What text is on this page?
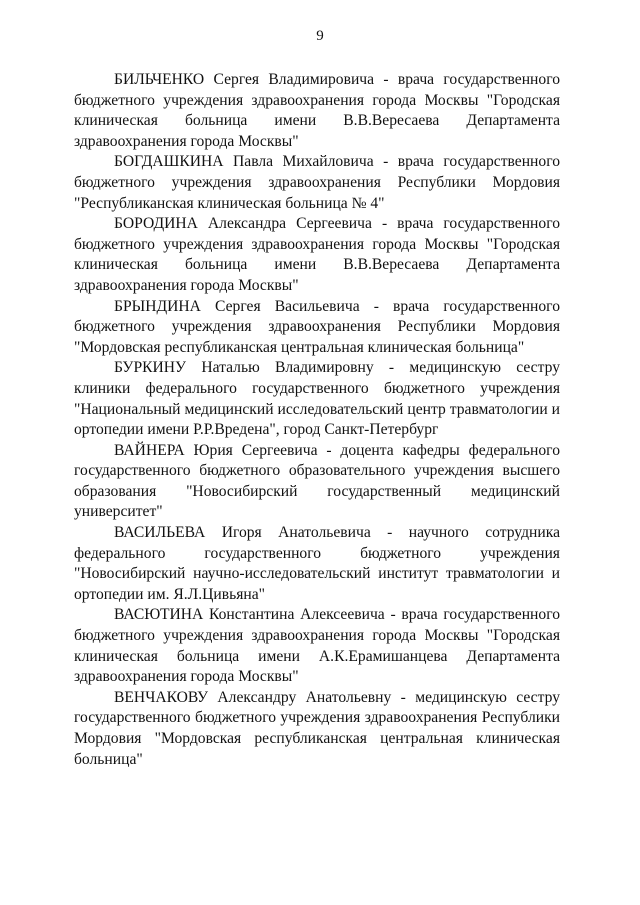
9

БИЛЬЧЕНКО Сергея Владимировича - врача государственного бюджетного учреждения здравоохранения города Москвы "Городская клиническая больница имени В.В.Вересаева Департамента здравоохранения города Москвы"

БОГДАШКИНА Павла Михайловича - врача государственного бюджетного учреждения здравоохранения Республики Мордовия "Республиканская клиническая больница № 4"

БОРОДИНА Александра Сергеевича - врача государственного бюджетного учреждения здравоохранения города Москвы "Городская клиническая больница имени В.В.Вересаева Департамента здравоохранения города Москвы"

БРЫНДИНА Сергея Васильевича - врача государственного бюджетного учреждения здравоохранения Республики Мордовия "Мордовская республиканская центральная клиническая больница"

БУРКИНУ Наталью Владимировну - медицинскую сестру клиники федерального государственного бюджетного учреждения "Национальный медицинский исследовательский центр травматологии и ортопедии имени Р.Р.Вредена", город Санкт-Петербург

ВАЙНЕРА Юрия Сергеевича - доцента кафедры федерального государственного бюджетного образовательного учреждения высшего образования "Новосибирский государственный медицинский университет"

ВАСИЛЬЕВА Игоря Анатольевича - научного сотрудника федерального государственного бюджетного учреждения "Новосибирский научно-исследовательский институт травматологии и ортопедии им. Я.Л.Цивьяна"

ВАСЮТИНА Константина Алексеевича - врача государственного бюджетного учреждения здравоохранения города Москвы "Городская клиническая больница имени А.К.Ерамишанцева Департамента здравоохранения города Москвы"

ВЕНЧАКОВУ Александру Анатольевну - медицинскую сестру государственного бюджетного учреждения здравоохранения Республики Мордовия "Мордовская республиканская центральная клиническая больница"
